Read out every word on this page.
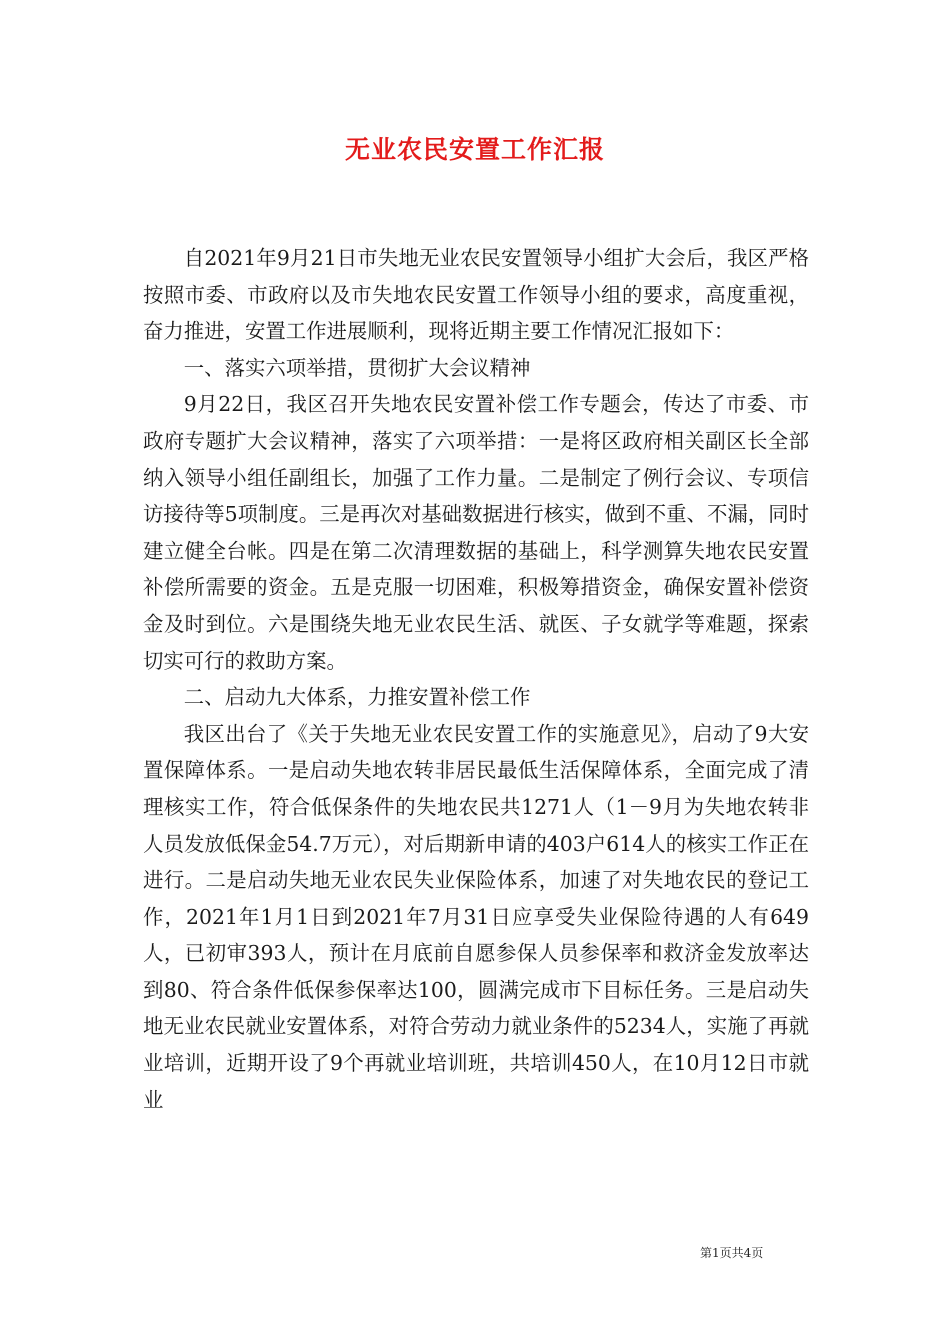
无业农民安置工作汇报

自2021年9月21日市失地无业农民安置领导小组扩大会后，我区严格按照市委、市政府以及市失地农民安置工作领导小组的要求，高度重视，奋力推进，安置工作进展顺利，现将近期主要工作情况汇报如下：

一、落实六项举措，贯彻扩大会议精神

9月22日，我区召开失地农民安置补偿工作专题会，传达了市委、市政府专题扩大会议精神，落实了六项举措：一是将区政府相关副区长全部纳入领导小组任副组长，加强了工作力量。二是制定了例行会议、专项信访接待等5项制度。三是再次对基础数据进行核实，做到不重、不漏，同时建立健全台帐。四是在第二次清理数据的基础上，科学测算失地农民安置补偿所需要的资金。五是克服一切困难，积极筹措资金，确保安置补偿资金及时到位。六是围绕失地无业农民生活、就医、子女就学等难题，探索切实可行的救助方案。

二、启动九大体系，力推安置补偿工作

我区出台了《关于失地无业农民安置工作的实施意见》，启动了9大安置保障体系。一是启动失地农转非居民最低生活保障体系，全面完成了清理核实工作，符合低保条件的失地农民共1271人（1－9月为失地农转非人员发放低保金54.7万元），对后期新申请的403户614人的核实工作正在进行。二是启动失地无业农民失业保险体系，加速了对失地农民的登记工作，2021年1月1日到2021年7月31日应享受失业保险待遇的人有649人，已初审393人，预计在月底前自愿参保人员参保率和救济金发放率达到80、符合条件低保参保率达100，圆满完成市下目标任务。三是启动失地无业农民就业安置体系，对符合劳动力就业条件的5234人，实施了再就业培训，近期开设了9个再就业培训班，共培训450人，在10月12日市就业

第1页共4页
